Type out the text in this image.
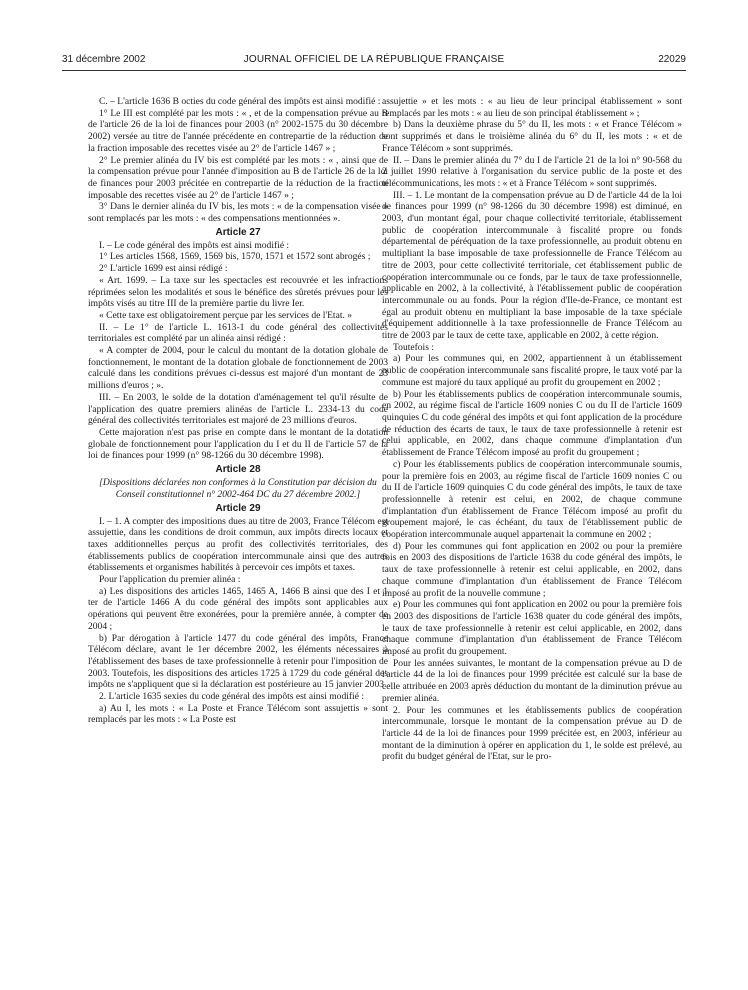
31 décembre 2002	JOURNAL OFFICIEL DE LA RÉPUBLIQUE FRANÇAISE	22029

C. – L'article 1636 B octies du code général des impôts est ainsi modifié :

1° Le III est complété par les mots : « , et de la compensation prévue au B de l'article 26 de la loi de finances pour 2003 (n° 2002-1575 du 30 décembre 2002) versée au titre de l'année précédente en contrepartie de la réduction de la fraction imposable des recettes visée au 2° de l'article 1467 » ;

2° Le premier alinéa du IV bis est complété par les mots : « , ainsi que de la compensation prévue pour l'année d'imposition au B de l'article 26 de la loi de finances pour 2003 précitée en contrepartie de la réduction de la fraction imposable des recettes visée au 2° de l'article 1467 » ;

3° Dans le dernier alinéa du IV bis, les mots : « de la compensation visée » sont remplacés par les mots : « des compensations mentionnées ».

Article 27

I. – Le code général des impôts est ainsi modifié :

1° Les articles 1568, 1569, 1569 bis, 1570, 1571 et 1572 sont abrogés ;

2° L'article 1699 est ainsi rédigé :

« Art. 1699. – La taxe sur les spectacles est recouvrée et les infractions réprimées selon les modalités et sous le bénéfice des sûretés prévues pour les impôts visés au titre III de la première partie du livre Ier.

« Cette taxe est obligatoirement perçue par les services de l'Etat. »

II. – Le 1° de l'article L. 1613-1 du code général des collectivités territoriales est complété par un alinéa ainsi rédigé :

« A compter de 2004, pour le calcul du montant de la dotation globale de fonctionnement, le montant de la dotation globale de fonctionnement de 2003 calculé dans les conditions prévues ci-dessus est majoré d'un montant de 23 millions d'euros ; ».

III. – En 2003, le solde de la dotation d'aménagement tel qu'il résulte de l'application des quatre premiers alinéas de l'article L. 2334-13 du code général des collectivités territoriales est majoré de 23 millions d'euros.

Cette majoration n'est pas prise en compte dans le montant de la dotation globale de fonctionnement pour l'application du I et du II de l'article 57 de la loi de finances pour 1999 (n° 98-1266 du 30 décembre 1998).

Article 28

[Dispositions déclarées non conformes à la Constitution par décision du Conseil constitutionnel n° 2002-464 DC du 27 décembre 2002.]

Article 29

I. – 1. A compter des impositions dues au titre de 2003, France Télécom est assujettie, dans les conditions de droit commun, aux impôts directs locaux et taxes additionnelles perçus au profit des collectivités territoriales, des établissements publics de coopération intercommunale ainsi que des autres établissements et organismes habilités à percevoir ces impôts et taxes.

Pour l'application du premier alinéa :

a) Les dispositions des articles 1465, 1465 A, 1466 B ainsi que des I et 1 ter de l'article 1466 A du code général des impôts sont applicables aux opérations qui peuvent être exonérées, pour la première année, à compter de 2004 ;

b) Par dérogation à l'article 1477 du code général des impôts, France Télécom déclare, avant le 1er décembre 2002, les éléments nécessaires à l'établissement des bases de taxe professionnelle à retenir pour l'imposition de 2003. Toutefois, les dispositions des articles 1725 à 1729 du code général des impôts ne s'appliquent que si la déclaration est postérieure au 15 janvier 2003.

2. L'article 1635 sexies du code général des impôts est ainsi modifié :

a) Au I, les mots : « La Poste et France Télécom sont assujettis » sont remplacés par les mots : « La Poste est

assujettie » et les mots : « au lieu de leur principal établissement » sont remplacés par les mots : « au lieu de son principal établissement » ;

b) Dans la deuxième phrase du 5° du II, les mots : « et France Télécom » sont supprimés et dans le troisième alinéa du 6° du II, les mots : « et de France Télécom » sont supprimés.

II. – Dans le premier alinéa du 7° du I de l'article 21 de la loi n° 90-568 du 2 juillet 1990 relative à l'organisation du service public de la poste et des télécommunications, les mots : « et à France Télécom » sont supprimés.

III. – 1. Le montant de la compensation prévue au D de l'article 44 de la loi de finances pour 1999 (n° 98-1266 du 30 décembre 1998) est diminué, en 2003, d'un montant égal, pour chaque collectivité territoriale, établissement public de coopération intercommunale à fiscalité propre ou fonds départemental de péréquation de la taxe professionnelle, au produit obtenu en multipliant la base imposable de taxe professionnelle de France Télécom au titre de 2003, pour cette collectivité territoriale, cet établissement public de coopération intercommunale ou ce fonds, par le taux de taxe professionnelle, applicable en 2002, à la collectivité, à l'établissement public de coopération intercommunale ou au fonds. Pour la région d'Ile-de-France, ce montant est égal au produit obtenu en multipliant la base imposable de la taxe spéciale d'équipement additionnelle à la taxe professionnelle de France Télécom au titre de 2003 par le taux de cette taxe, applicable en 2002, à cette région.

Toutefois :

a) Pour les communes qui, en 2002, appartiennent à un établissement public de coopération intercommunale sans fiscalité propre, le taux voté par la commune est majoré du taux appliqué au profit du groupement en 2002 ;

b) Pour les établissements publics de coopération intercommunale soumis, en 2002, au régime fiscal de l'article 1609 nonies C ou du II de l'article 1609 quinquies C du code général des impôts et qui font application de la procédure de réduction des écarts de taux, le taux de taxe professionnelle à retenir est celui applicable, en 2002, dans chaque commune d'implantation d'un établissement de France Télécom imposé au profit du groupement ;

c) Pour les établissements publics de coopération intercommunale soumis, pour la première fois en 2003, au régime fiscal de l'article 1609 nonies C ou du II de l'article 1609 quinquies C du code général des impôts, le taux de taxe professionnelle à retenir est celui, en 2002, de chaque commune d'implantation d'un établissement de France Télécom imposé au profit du groupement majoré, le cas échéant, du taux de l'établissement public de coopération intercommunale auquel appartenait la commune en 2002 ;

d) Pour les communes qui font application en 2002 ou pour la première fois en 2003 des dispositions de l'article 1638 du code général des impôts, le taux de taxe professionnelle à retenir est celui applicable, en 2002, dans chaque commune d'implantation d'un établissement de France Télécom imposé au profit de la nouvelle commune ;

e) Pour les communes qui font application en 2002 ou pour la première fois en 2003 des dispositions de l'article 1638 quater du code général des impôts, le taux de taxe professionnelle à retenir est celui applicable, en 2002, dans chaque commune d'implantation d'un établissement de France Télécom imposé au profit du groupement.

Pour les années suivantes, le montant de la compensation prévue au D de l'article 44 de la loi de finances pour 1999 précitée est calculé sur la base de celle attribuée en 2003 après déduction du montant de la diminution prévue au premier alinéa.

2. Pour les communes et les établissements publics de coopération intercommunale, lorsque le montant de la compensation prévue au D de l'article 44 de la loi de finances pour 1999 précitée est, en 2003, inférieur au montant de la diminution à opérer en application du 1, le solde est prélevé, au profit du budget général de l'Etat, sur le pro-
